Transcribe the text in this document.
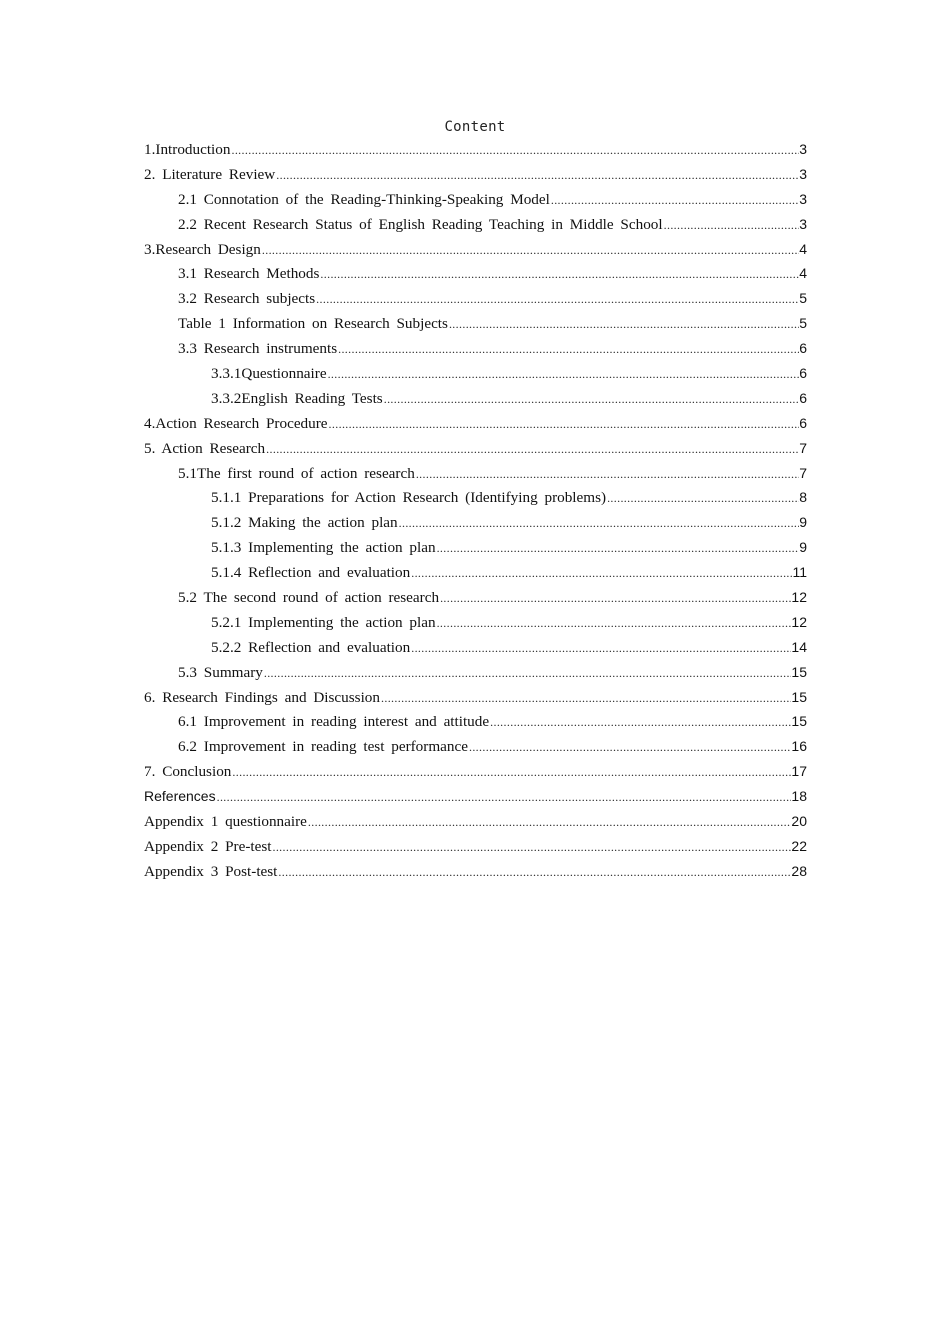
Content
1.Introduction .....	3
2. Literature Review .....	3
2.1 Connotation of the Reading-Thinking-Speaking Model .....	3
2.2 Recent Research Status of English Reading Teaching in Middle School .....	3
3.Research Design .....	4
3.1 Research Methods .....	4
3.2 Research subjects .....	5
Table 1 Information on Research Subjects .....	5
3.3 Research instruments .....	6
3.3.1Questionnaire .....	6
3.3.2English Reading Tests .....	6
4.Action Research Procedure .....	6
5. Action Research .....	7
5.1The first round of action research .....	7
5.1.1 Preparations for Action Research (Identifying problems) .....	8
5.1.2 Making the action plan .....	9
5.1.3 Implementing the action plan .....	9
5.1.4 Reflection and evaluation .....	11
5.2 The second round of action research .....	12
5.2.1 Implementing the action plan .....	12
5.2.2 Reflection and evaluation .....	14
5.3 Summary .....	15
6. Research Findings and Discussion .....	15
6.1 Improvement in reading interest and attitude .....	15
6.2 Improvement in reading test performance .....	16
7. Conclusion .....	17
References .....	18
Appendix 1 questionnaire .....	20
Appendix 2 Pre-test .....	22
Appendix 3 Post-test .....	28
